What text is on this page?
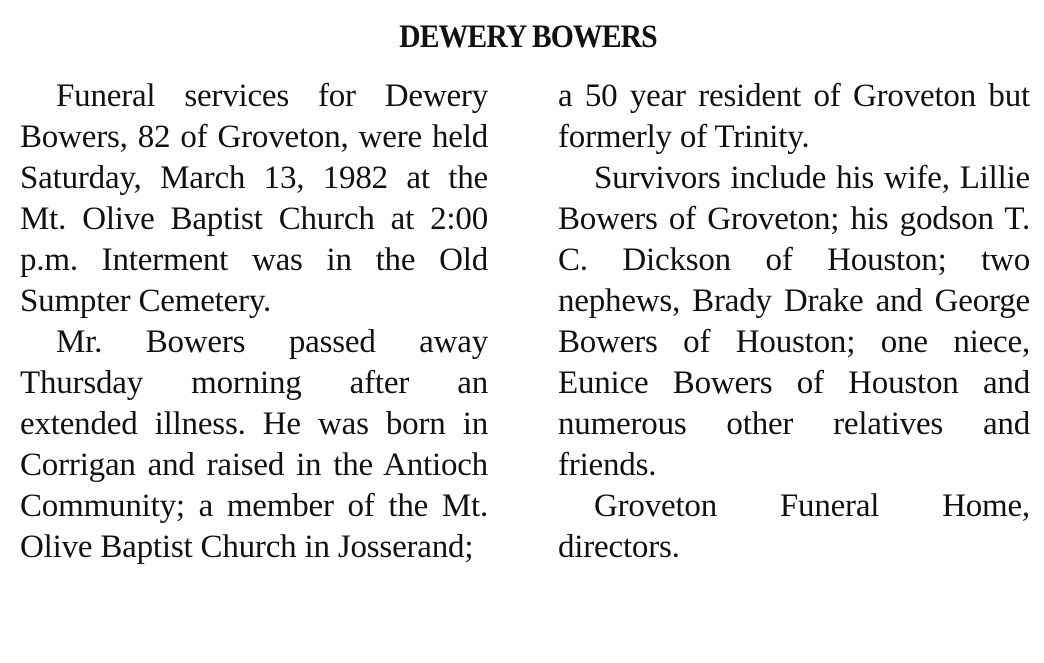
DEWERY BOWERS

Funeral services for Dewery Bowers, 82 of Groveton, were held Saturday, March 13, 1982 at the Mt. Olive Baptist Church at 2:00 p.m. Interment was in the Old Sumpter Cemetery.

Mr. Bowers passed away Thursday morning after an extended illness. He was born in Corrigan and raised in the Antioch Community; a member of the Mt. Olive Baptist Church in Josserand;

a 50 year resident of Groveton but formerly of Trinity.

Survivors include his wife, Lillie Bowers of Groveton; his godson T. C. Dickson of Houston; two nephews, Brady Drake and George Bowers of Houston; one niece, Eunice Bowers of Houston and numerous other relatives and friends.

Groveton Funeral Home, directors.
